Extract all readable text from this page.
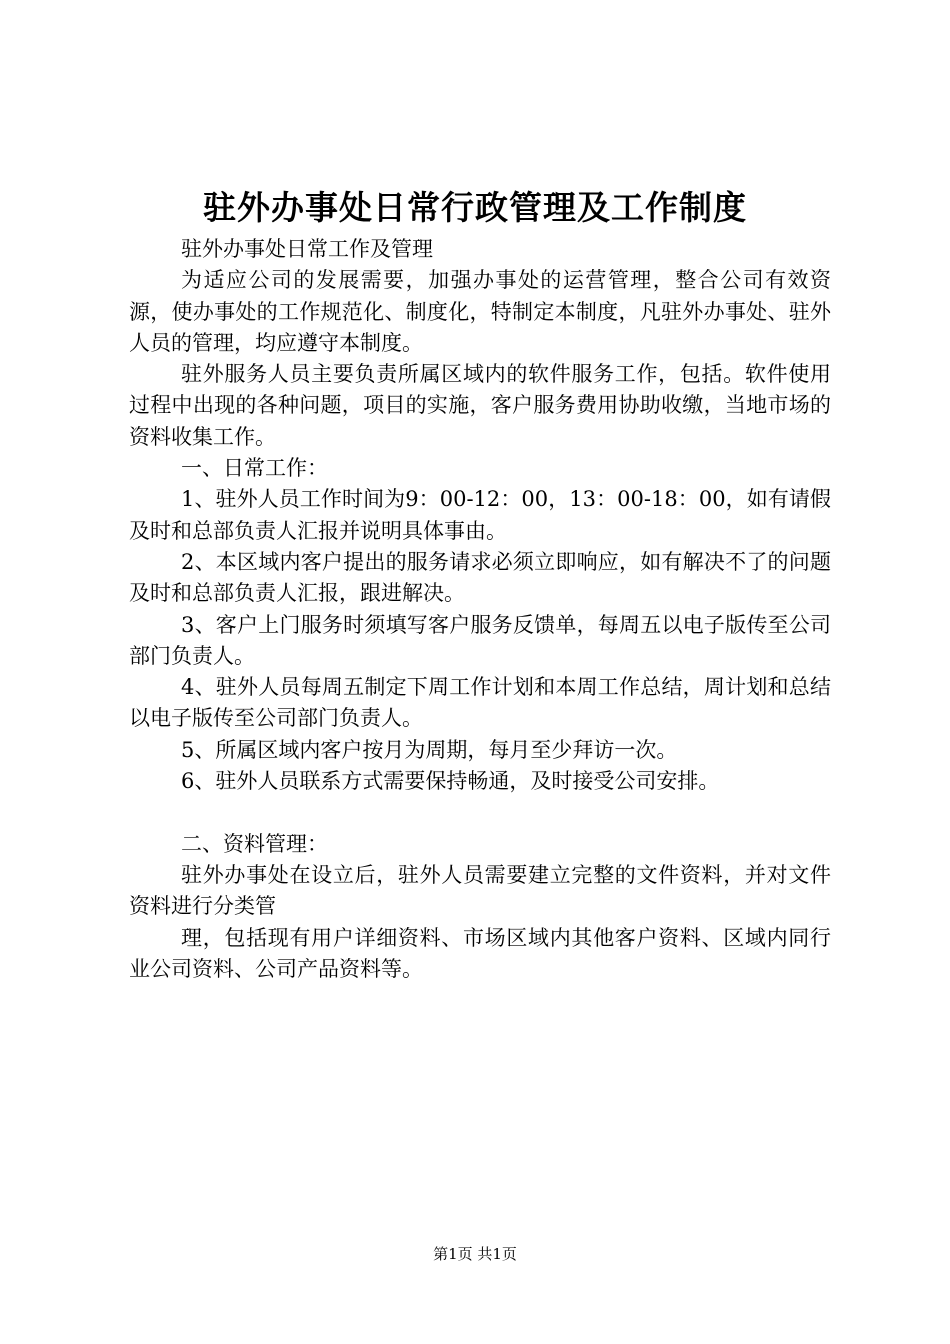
驻外办事处日常行政管理及工作制度

驻外办事处日常工作及管理

为适应公司的发展需要，加强办事处的运营管理，整合公司有效资源，使办事处的工作规范化、制度化，特制定本制度，凡驻外办事处、驻外人员的管理，均应遵守本制度。

驻外服务人员主要负责所属区域内的软件服务工作，包括。软件使用过程中出现的各种问题，项目的实施，客户服务费用协助收缴，当地市场的资料收集工作。

一、日常工作：

1、驻外人员工作时间为9：00-12：00，13：00-18：00，如有请假及时和总部负责人汇报并说明具体事由。

2、本区域内客户提出的服务请求必须立即响应，如有解决不了的问题及时和总部负责人汇报，跟进解决。

3、客户上门服务时须填写客户服务反馈单，每周五以电子版传至公司部门负责人。

4、驻外人员每周五制定下周工作计划和本周工作总结，周计划和总结以电子版传至公司部门负责人。

5、所属区域内客户按月为周期，每月至少拜访一次。

6、驻外人员联系方式需要保持畅通，及时接受公司安排。

二、资料管理：

驻外办事处在设立后，驻外人员需要建立完整的文件资料，并对文件资料进行分类管

理，包括现有用户详细资料、市场区域内其他客户资料、区域内同行业公司资料、公司产品资料等。

第1页 共1页
